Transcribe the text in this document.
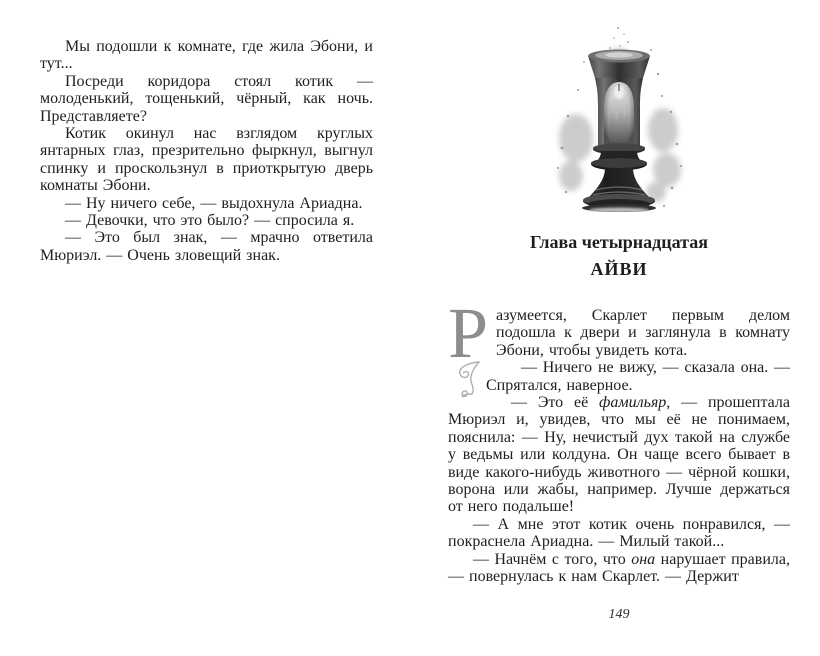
Мы подошли к комнате, где жила Эбони, и тут...

Посреди коридора стоял котик — молоденький, тощенький, чёрный, как ночь. Представляете?

Котик окинул нас взглядом круглых янтарных глаз, презрительно фыркнул, выгнул спинку и проскользнул в приоткрытую дверь комнаты Эбони.

— Ну ничего себе, — выдохнула Ариадна.

— Девочки, что это было? — спросила я.

— Это был знак, — мрачно ответила Мюриэл. — Очень зловещий знак.

Глава четырнадцатая
АЙВИ

Р азумеется, Скарлет первым делом подошла к двери и заглянула в комнату Эбони, чтобы увидеть кота.

— Ничего не вижу, — сказала она. — Спрятался, наверное.

— Это её фамильяр, — прошептала Мюриэл и, увидев, что мы её не понимаем, пояснила: — Ну, нечистый дух такой на службе у ведьмы или колдуна. Он чаще всего бывает в виде какого-нибудь животного — чёрной кошки, ворона или жабы, например. Лучше держаться от него подальше!

— А мне этот котик очень понравился, — покраснела Ариадна. — Милый такой...

— Начнём с того, что она нарушает правила, — повернулась к нам Скарлет. — Держит

149
